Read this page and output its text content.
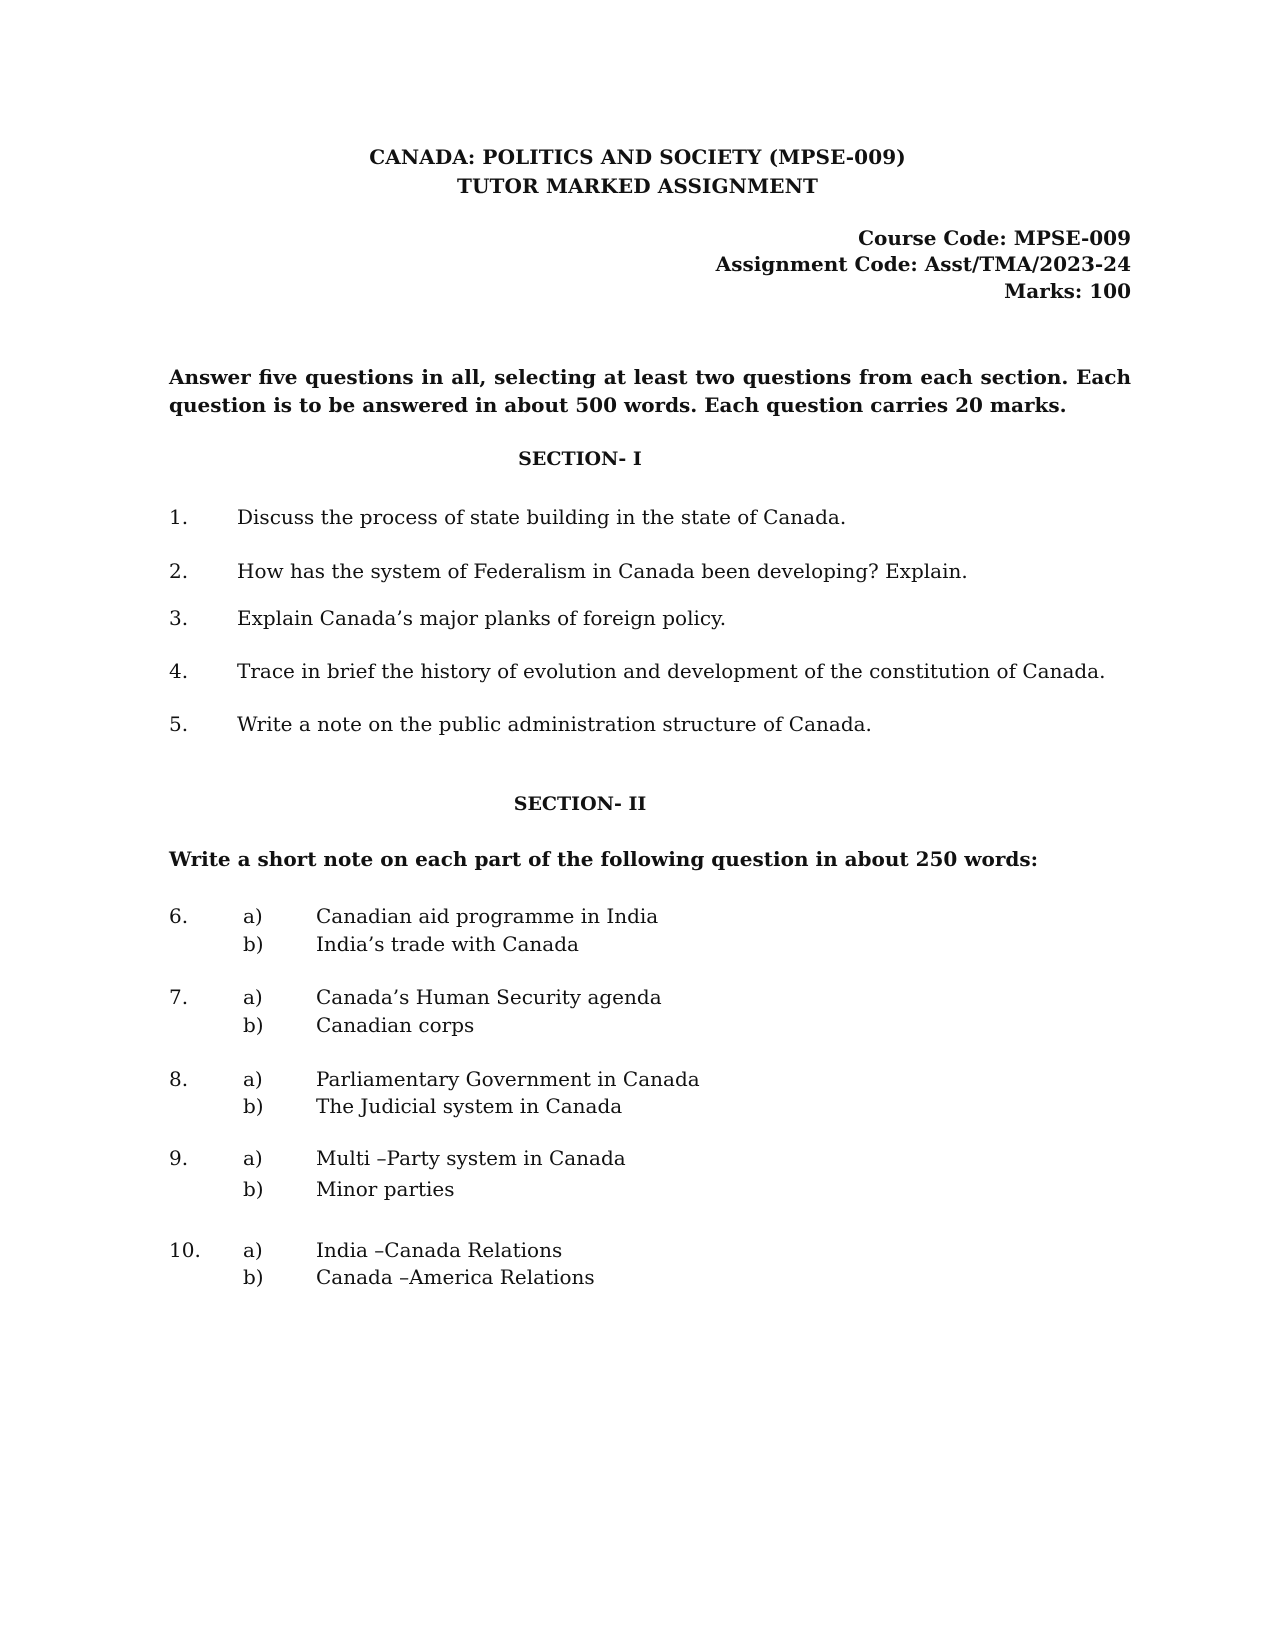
CANADA: POLITICS AND SOCIETY (MPSE-009)
TUTOR MARKED ASSIGNMENT
Course Code: MPSE-009
Assignment Code: Asst/TMA/2023-24
Marks: 100
Answer five questions in all, selecting at least two questions from each section. Each
question is to be answered in about 500 words. Each question carries 20 marks.
SECTION- I
1. Discuss the process of state building in the state of Canada.
2. How has the system of Federalism in Canada been developing? Explain.
3. Explain Canada’s major planks of foreign policy.
4. Trace in brief the history of evolution and development of the constitution of Canada.
5. Write a note on the public administration structure of Canada.
SECTION- II
Write a short note on each part of the following question in about 250 words:
6.	a)	Canadian aid programme in India
b)	India’s trade with Canada
7.	a)	Canada’s Human Security agenda
b)	Canadian corps
8.	a)	Parliamentary Government in Canada
b)	The Judicial system in Canada
9.	a)	Multi –Party system in Canada
b)	Minor parties
10. a)	India –Canada Relations
b)	Canada –America Relations
